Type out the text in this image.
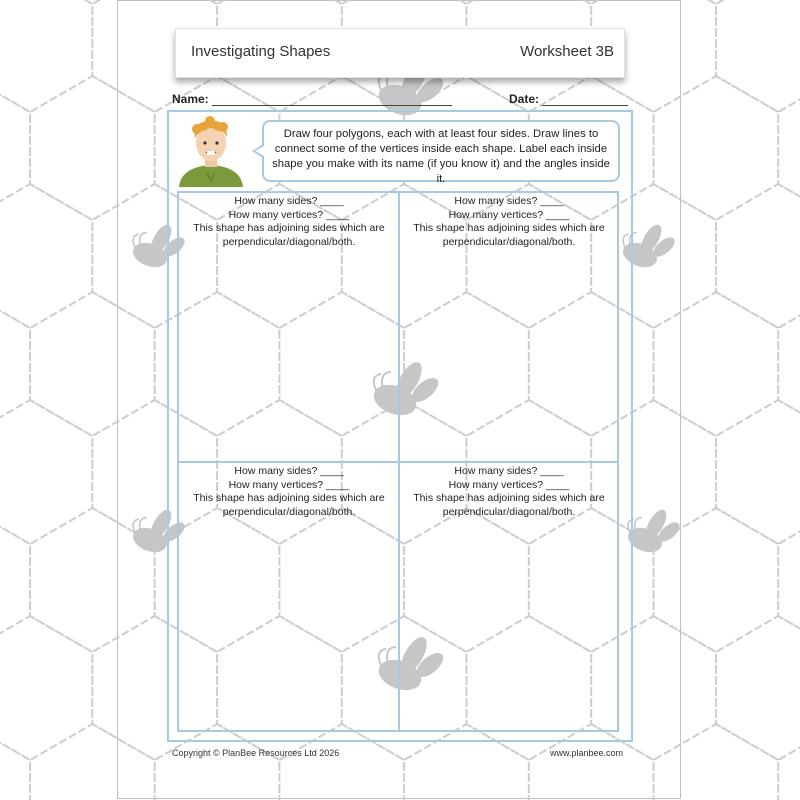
Investigating Shapes	Worksheet 3B
Name:	Date:
Draw four polygons, each with at least four sides. Draw lines to
connect some of the vertices inside each shape. Label each inside
shape you make with its name (if you know it) and the angles inside it.
How many sides? ____
How many vertices? ____
This shape has adjoining sides which are
perpendicular/diagonal/both.
How many sides? ____
How many vertices? ____
This shape has adjoining sides which are
perpendicular/diagonal/both.
How many sides? ____
How many vertices? ____
This shape has adjoining sides which are
perpendicular/diagonal/both.
How many sides? ____
How many vertices? ____
This shape has adjoining sides which are
perpendicular/diagonal/both.
Copyright © PlanBee Resources Ltd 2026	www.planbee.com
